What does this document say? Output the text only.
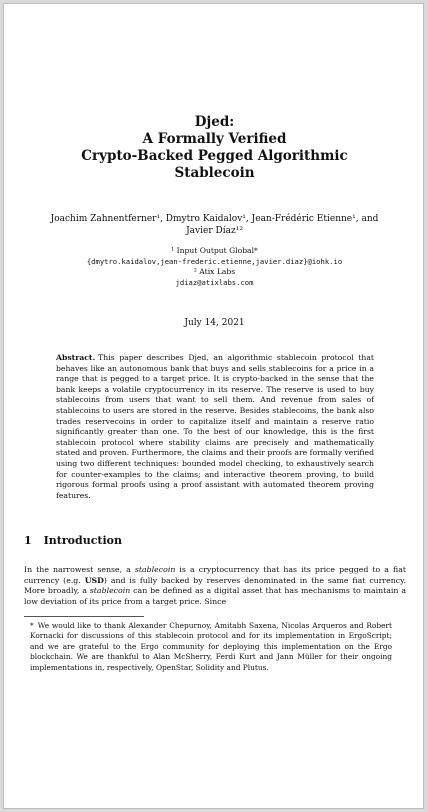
Djed:
A Formally Verified
Crypto-Backed Pegged Algorithmic
Stablecoin
Joachim Zahnentferner¹, Dmytro Kaidalov¹, Jean-Frédéric Etienne¹, and
Javier Díaz¹²
¹ Input Output Global*
{dmytro.kaidalov,jean-frederic.etienne,javier.diaz}@iohk.io
² Atix Labs
jdiaz@atixlabs.com
July 14, 2021
Abstract. This paper describes Djed, an algorithmic stablecoin protocol that behaves like an autonomous bank that buys and sells stablecoins for a price in a range that is pegged to a target price. It is crypto-backed in the sense that the bank keeps a volatile cryptocurrency in its reserve. The reserve is used to buy stablecoins from users that want to sell them. And revenue from sales of stablecoins to users are stored in the reserve. Besides stablecoins, the bank also trades reservecoins in order to capitalize itself and maintain a reserve ratio significantly greater than one. To the best of our knowledge, this is the first stablecoin protocol where stability claims are precisely and mathematically stated and proven. Furthermore, the claims and their proofs are formally verified using two different techniques: bounded model checking, to exhaustively search for counter-examples to the claims; and interactive theorem proving, to build rigorous formal proofs using a proof assistant with automated theorem proving features.
1 Introduction
In the narrowest sense, a stablecoin is a cryptocurrency that has its price pegged to a fiat currency (e.g. USD) and is fully backed by reserves denominated in the same fiat currency. More broadly, a stablecoin can be defined as a digital asset that has mechanisms to maintain a low deviation of its price from a target price. Since
* We would like to thank Alexander Chepurnoy, Amitabh Saxena, Nicolas Arqueros and Robert Kornacki for discussions of this stablecoin protocol and for its implementation in ErgoScript; and we are grateful to the Ergo community for deploying this implementation on the Ergo blockchain. We are thankful to Alan McSherry, Ferdi Kurt and Jann Müller for their ongoing implementations in, respectively, OpenStar, Solidity and Plutus.
